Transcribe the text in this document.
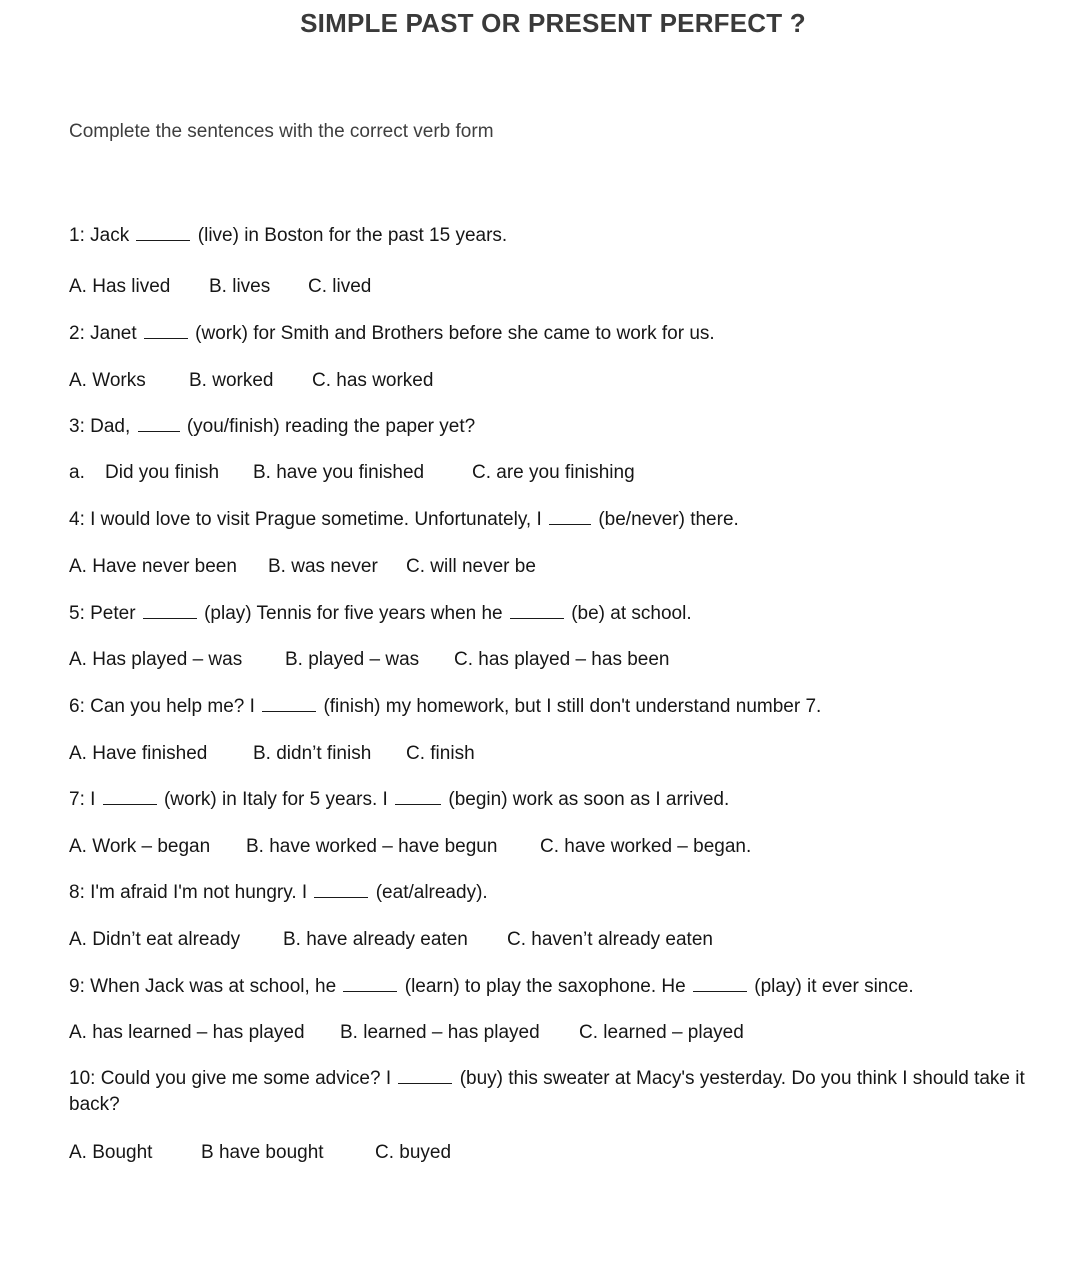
SIMPLE PAST OR PRESENT PERFECT ?
Complete the sentences with the correct verb form
1: Jack	(live) in Boston for the past 15 years.
A. Has lived B. lives C. lived
2: Janet	(work) for Smith and Brothers before she came to work for us.
A. Works B. worked C. has worked
3: Dad,	(you/finish) reading the paper yet?
a. Did you finish B. have you finished	C. are you finishing
4: I would love to visit Prague sometime. Unfortunately, I	(be/never) there.
A. Have never been B. was never C. will never be
5: Peter	(play) Tennis for five years when he	(be) at school.
A. Has played – was B. played – was C. has played – has been
6: Can you help me? I	(finish) my homework, but I still don't understand number 7.
A. Have finished B. didn’t finish C. finish
7: I	(work) in Italy for 5 years. I	(begin) work as soon as I arrived.
A. Work – began B. have worked – have begun C. have worked – began.
8: I'm afraid I'm not hungry. I	(eat/already).
A. Didn’t eat already B. have already eaten C. haven’t already eaten
9: When Jack was at school, he	(learn) to play the saxophone. He	(play) it ever since.
A. has learned – has played B. learned – has played C. learned – played
10: Could you give me some advice? I	(buy) this sweater at Macy's yesterday. Do you think I should take it back?
A. Bought	B have bought	C. buyed
